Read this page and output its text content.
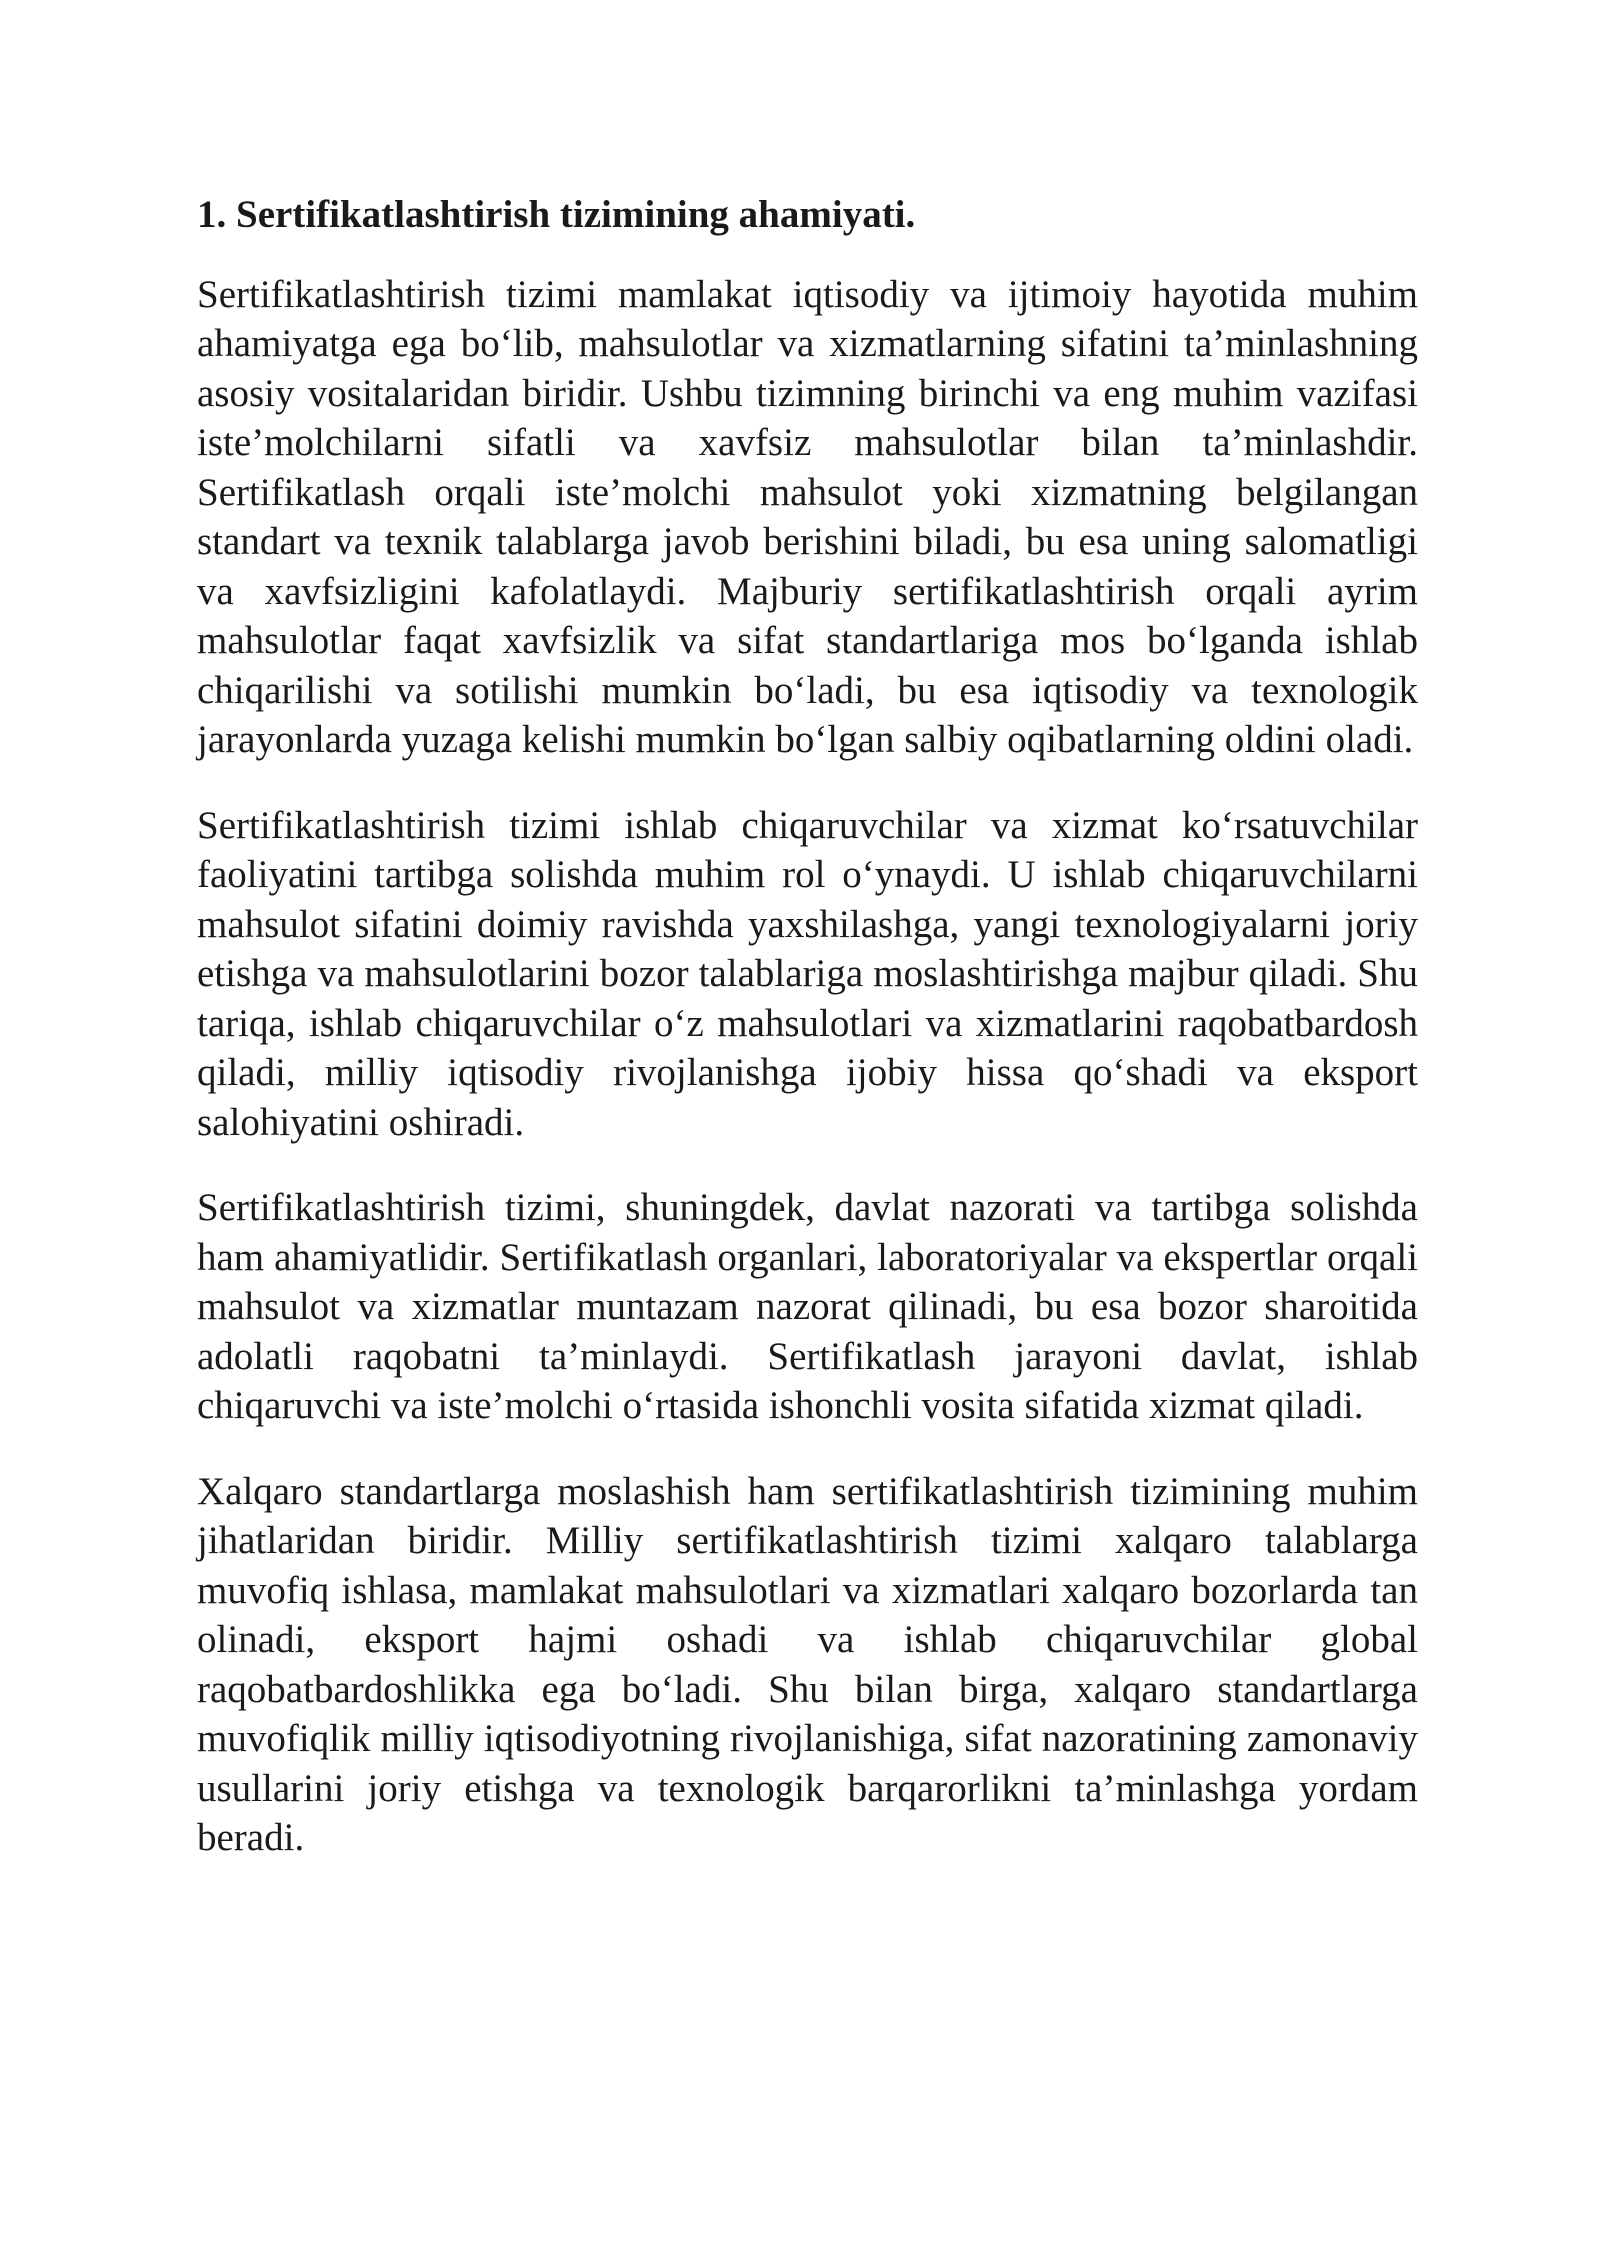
1. Sertifikatlashtirish tizimining ahamiyati.

Sertifikatlashtirish tizimi mamlakat iqtisodiy va ijtimoiy hayotida muhim ahamiyatga ega bo‘lib, mahsulotlar va xizmatlarning sifatini ta’minlashning asosiy vositalaridan biridir. Ushbu tizimning birinchi va eng muhim vazifasi iste’molchilarni sifatli va xavfsiz mahsulotlar bilan ta’minlashdir. Sertifikatlash orqali iste’molchi mahsulot yoki xizmatning belgilangan standart va texnik talablarga javob berishini biladi, bu esa uning salomatligi va xavfsizligini kafolatlaydi. Majburiy sertifikatlashtirish orqali ayrim mahsulotlar faqat xavfsizlik va sifat standartlariga mos bo‘lganda ishlab chiqarilishi va sotilishi mumkin bo‘ladi, bu esa iqtisodiy va texnologik jarayonlarda yuzaga kelishi mumkin bo‘lgan salbiy oqibatlarning oldini oladi.

Sertifikatlashtirish tizimi ishlab chiqaruvchilar va xizmat ko‘rsatuvchilar faoliyatini tartibga solishda muhim rol o‘ynaydi. U ishlab chiqaruvchilarni mahsulot sifatini doimiy ravishda yaxshilashga, yangi texnologiyalarni joriy etishga va mahsulotlarini bozor talablariga moslashtirishga majbur qiladi. Shu tariqa, ishlab chiqaruvchilar o‘z mahsulotlari va xizmatlarini raqobatbardosh qiladi, milliy iqtisodiy rivojlanishga ijobiy hissa qo‘shadi va eksport salohiyatini oshiradi.

Sertifikatlashtirish tizimi, shuningdek, davlat nazorati va tartibga solishda ham ahamiyatlidir. Sertifikatlash organlari, laboratoriyalar va ekspertlar orqali mahsulot va xizmatlar muntazam nazorat qilinadi, bu esa bozor sharoitida adolatli raqobatni ta’minlaydi. Sertifikatlash jarayoni davlat, ishlab chiqaruvchi va iste’molchi o‘rtasida ishonchli vosita sifatida xizmat qiladi.

Xalqaro standartlarga moslashish ham sertifikatlashtirish tizimining muhim jihatlaridan biridir. Milliy sertifikatlashtirish tizimi xalqaro talablarga muvofiq ishlasa, mamlakat mahsulotlari va xizmatlari xalqaro bozorlarda tan olinadi, eksport hajmi oshadi va ishlab chiqaruvchilar global raqobatbardoshlikka ega bo‘ladi. Shu bilan birga, xalqaro standartlarga muvofiqlik milliy iqtisodiyotning rivojlanishiga, sifat nazoratining zamonaviy usullarini joriy etishga va texnologik barqarorlikni ta’minlashga yordam beradi.
